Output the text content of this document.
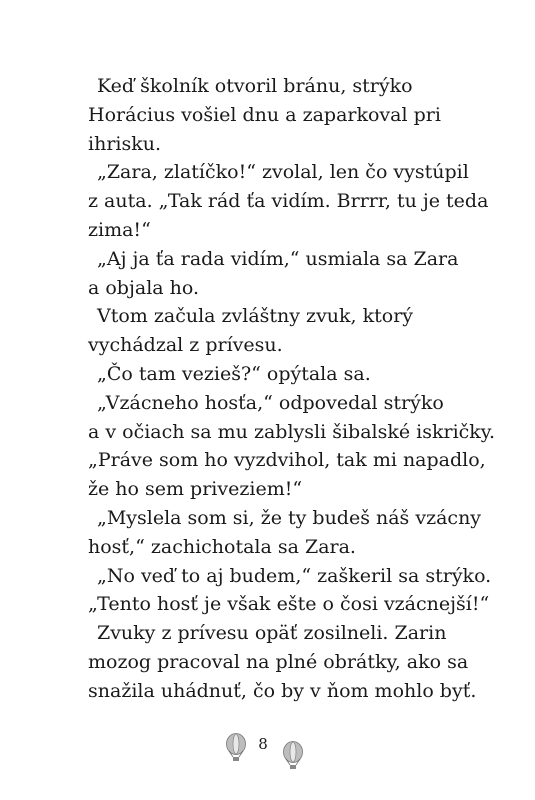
Keď školník otvoril bránu, strýko
Horácius vošiel dnu a zaparkoval pri
ihrisku.
„Zara, zlatíčko!“ zvolal, len čo vystúpil
z auta. „Tak rád ťa vidím. Brrrr, tu je teda
zima!“
„Aj ja ťa rada vidím,“ usmiala sa Zara
a objala ho.
Vtom začula zvláštny zvuk, ktorý
vychádzal z prívesu.
„Čo tam vezieš?“ opýtala sa.
„Vzácneho hosťa,“ odpovedal strýko
a v očiach sa mu zablysli šibalské iskričky.
„Práve som ho vyzdvihol, tak mi napadlo,
že ho sem priveziem!“
„Myslela som si, že ty budeš náš vzácny
hosť,“ zachichotala sa Zara.
„No veď to aj budem,“ zaškeril sa strýko.
„Tento hosť je však ešte o čosi vzácnejší!“
Zvuky z prívesu opäť zosilneli. Zarin
mozog pracoval na plné obrátky, ako sa
snažila uhádnuť, čo by v ňom mohlo byť.
8
